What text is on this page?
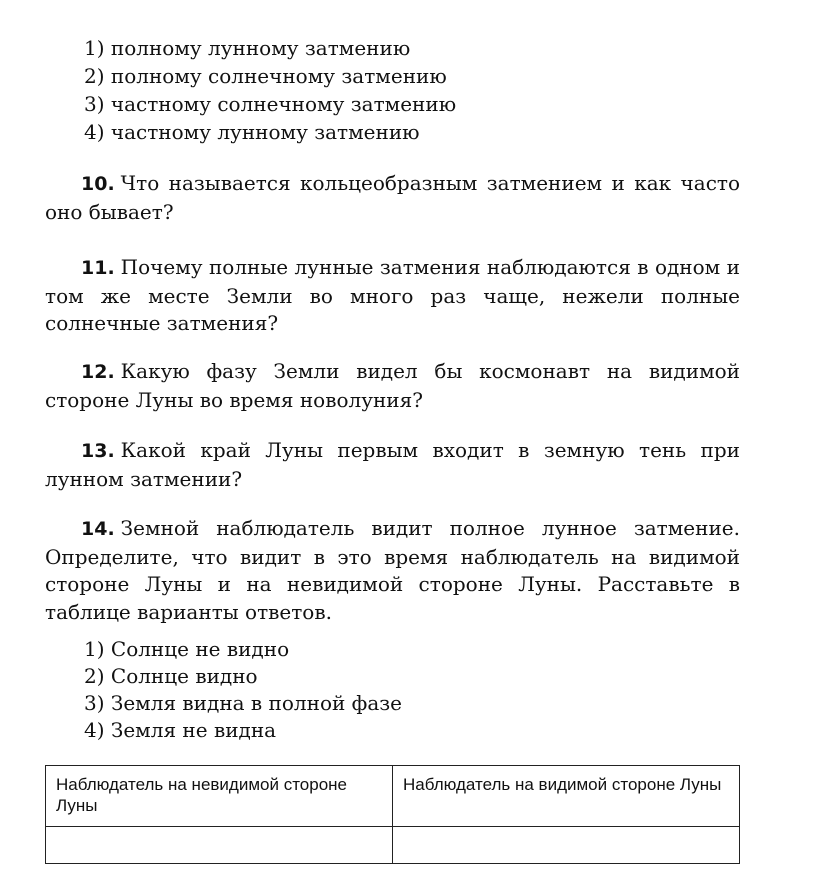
1) полному лунному затмению
2) полному солнечному затмению
3) частному солнечному затмению
4) частному лунному затмению
10. Что называется кольцеобразным затмением и как часто оно бывает?
11. Почему полные лунные затмения наблюдаются в одном и том же месте Земли во много раз чаще, нежели полные солнечные затмения?
12. Какую фазу Земли видел бы космонавт на видимой стороне Луны во время новолуния?
13. Какой край Луны первым входит в земную тень при лунном затмении?
14. Земной наблюдатель видит полное лунное затмение. Определите, что видит в это время наблюдатель на видимой стороне Луны и на невидимой стороне Луны. Расставьте в таблице варианты ответов.
1) Солнце не видно
2) Солнце видно
3) Земля видна в полной фазе
4) Земля не видна
Наблюдатель на невидимой стороне Луны	Наблюдатель на видимой стороне Луны
